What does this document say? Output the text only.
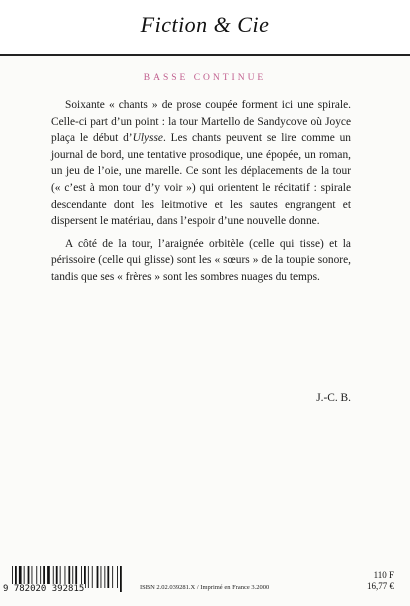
Fiction & Cie
BASSE CONTINUE

Soixante « chants » de prose coupée forment ici une spirale. Celle-ci part d’un point : la tour Martello de Sandycove où Joyce plaça le début d’Ulysse. Les chants peuvent se lire comme un journal de bord, une tentative prosodique, une épopée, un roman, un jeu de l’oie, une marelle. Ce sont les déplacements de la tour (« c’est à mon tour d’y voir ») qui orientent le récitatif : spirale descendante dont les leitmotive et les sautes engrangent et dispersent le matériau, dans l’espoir d’une nouvelle donne.

A côté de la tour, l’araignée orbitèle (celle qui tisse) et la périssoire (celle qui glisse) sont les « sœurs » de la toupie sonore, tandis que ses « frères » sont les sombres nuages du temps.

J.-C. B.
9 782020 392815	ISBN 2.02.039281.X / Imprimé en France 3.2000
110 F
16,77 €
